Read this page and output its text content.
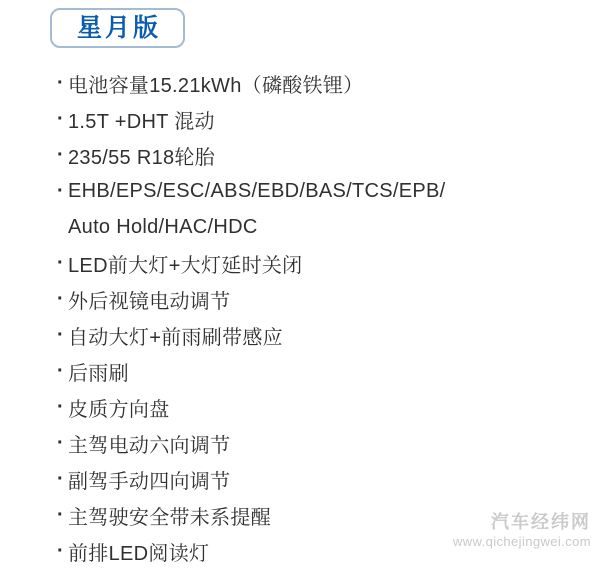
星月版
· 电池容量15.21kWh（磷酸铁锂）
· 1.5T +DHT 混动
· 235/55 R18轮胎
· EHB/EPS/ESC/ABS/EBD/BAS/TCS/EPB/
Auto Hold/HAC/HDC
· LED前大灯+大灯延时关闭
· 外后视镜电动调节
· 自动大灯+前雨刷带感应
· 后雨刷
· 皮质方向盘
· 主驾电动六向调节
· 副驾手动四向调节
· 主驾驶安全带未系提醒
· 前排LED阅读灯
汽车经纬网
www.qichejingwei.com
